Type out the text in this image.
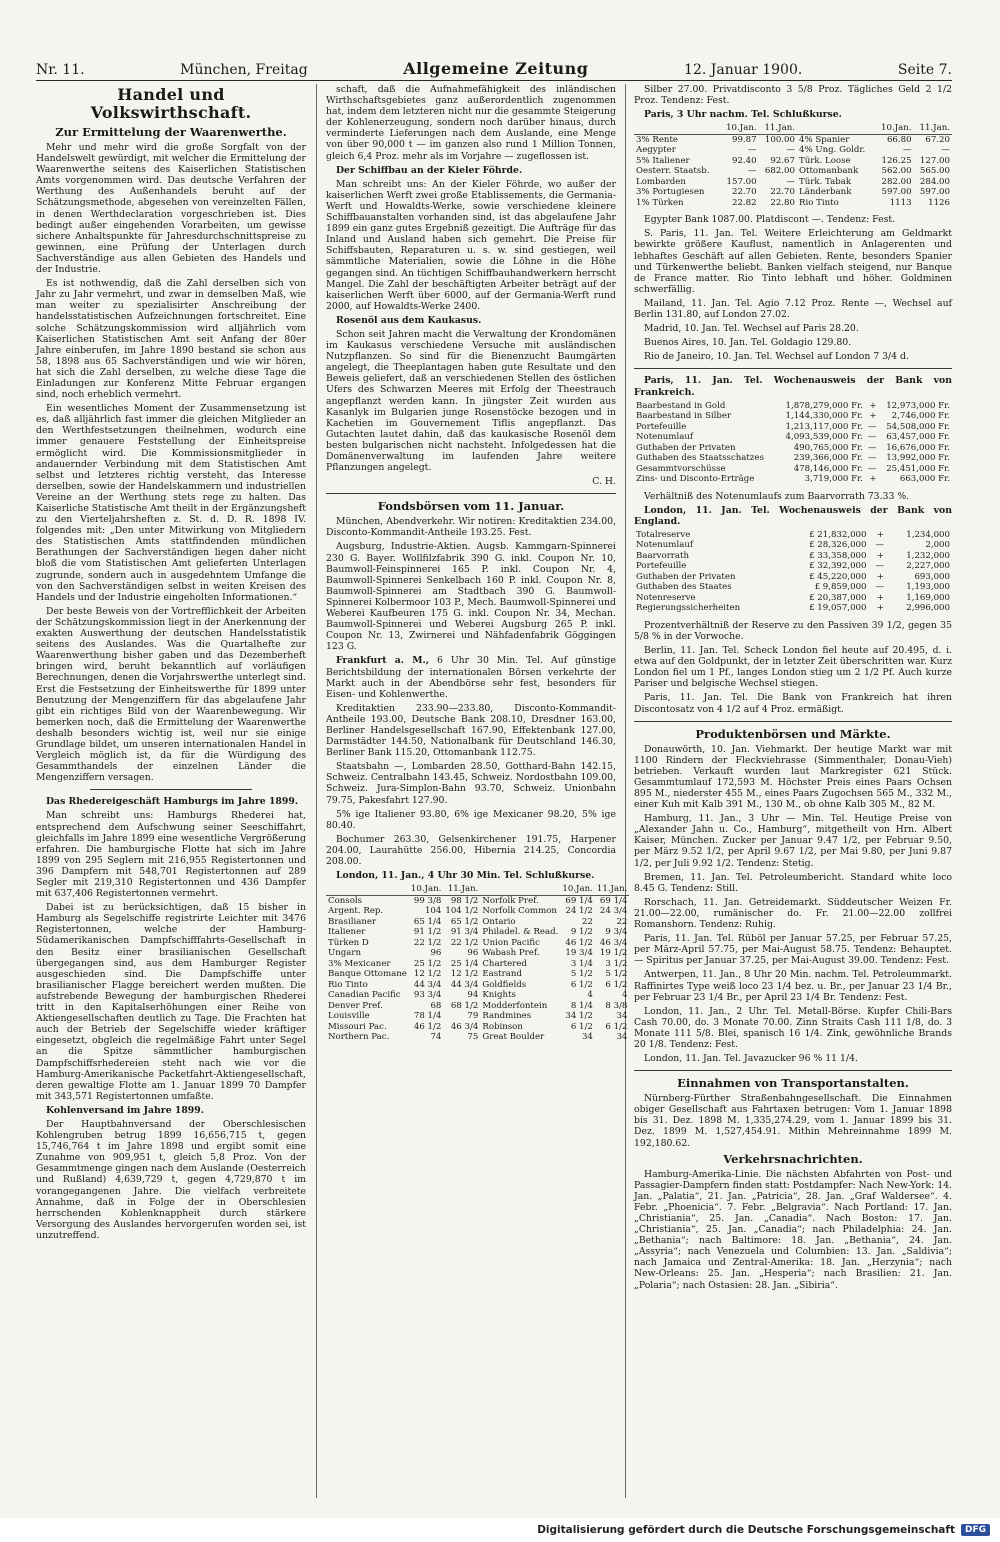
Nr. 11.	München, Freitag	Allgemeine Zeitung	12. Januar 1900.	Seite 7.
Handel und Volkswirthschaft.
Zur Ermittelung der Waarenwerthe.

Mehr und mehr wird die große Sorgfalt von der Handelswelt gewürdigt, mit welcher die Ermittelung der Waarenwerthe seitens des Kaiserlichen Statistischen Amts vorgenommen wird. Das deutsche Verfahren der Werthung des Außenhandels beruht auf der Schätzungsmethode, abgesehen von vereinzelten Fällen, in denen Werthdeclaration vorgeschrieben ist. Dies bedingt außer eingehenden Vorarbeiten, um gewisse sichere Anhaltspunkte für Jahresdurchschnittspreise zu gewinnen, eine Prüfung der Unterlagen durch Sachverständige aus allen Gebieten des Handels und der Industrie.

Es ist nothwendig, daß die Zahl derselben sich von Jahr zu Jahr vermehrt, und zwar in demselben Maß, wie man weiter zu spezialisirter Anschreibung der handelsstatistischen Aufzeichnungen fortschreitet. Eine solche Schätzungskommission wird alljährlich vom Kaiserlichen Statistischen Amt seit Anfang der 80er Jahre einberufen, im Jahre 1890 bestand sie schon aus 58, 1898 aus 65 Sachverständigen und wie wir hören, hat sich die Zahl derselben, zu welche diese Tage die Einladungen zur Konferenz Mitte Februar ergangen sind, noch erheblich vermehrt.

Ein wesentliches Moment der Zusammensetzung ist es, daß alljährlich fast immer die gleichen Mitglieder an den Werthfestsetzungen theilnehmen, wodurch eine immer genauere Feststellung der Einheitspreise ermöglicht wird. Die Kommissionsmitglieder in andauernder Verbindung mit dem Statistischen Amt selbst und letzteres richtig versteht, das Interesse derselben, sowie der Handelskammern und industriellen Vereine an der Werthung stets rege zu halten. Das Kaiserliche Statistische Amt theilt in der Ergänzungsheft zu den Vierteljahrsheften z. St. d. D. R. 1898 IV. folgendes mit: „Den unter Mitwirkung von Mitgliedern des Statistischen Amts stattfindenden mündlichen Berathungen der Sachverständigen liegen daher nicht bloß die vom Statistischen Amt gelieferten Unterlagen zugrunde, sondern auch in ausgedehntem Umfange die von den Sachverständigen selbst in weiten Kreisen des Handels und der Industrie eingeholten Informationen.“

Der beste Beweis von der Vortrefflichkeit der Arbeiten der Schätzungskommission liegt in der Anerkennung der exakten Auswerthung der deutschen Handelsstatistik seitens des Auslandes. Was die Quartalhefte zur Waarenwerthung bisher gaben und das Dezemberheft bringen wird, beruht bekanntlich auf vorläufigen Berechnungen, denen die Vorjahrswerthe unterlegt sind. Erst die Festsetzung der Einheitswerthe für 1899 unter Benutzung der Mengenziffern für das abgelaufene Jahr gibt ein richtiges Bild von der Waarenbewegung. Wir bemerken noch, daß die Ermittelung der Waarenwerthe deshalb besonders wichtig ist, weil nur sie einige Grundlage bildet, um unseren internationalen Handel in Vergleich möglich ist, da für die Würdigung des Gesammthandels der einzelnen Länder die Mengenziffern versagen.

Das Rhedereigeschäft Hamburgs im Jahre 1899.

Man schreibt uns: Hamburgs Rhederei hat, entsprechend dem Aufschwung seiner Seeschiffahrt, gleichfalls im Jahre 1899 eine wesentliche Vergrößerung erfahren. Die hamburgische Flotte hat sich im Jahre 1899 von 295 Seglern mit 216,955 Registertonnen und 396 Dampfern mit 548,701 Registertonnen auf 289 Segler mit 219,310 Registertonnen und 436 Dampfer mit 637,406 Registertonnen vermehrt.

Dabei ist zu berücksichtigen, daß 15 bisher in Hamburg als Segelschiffe registrirte Leichter mit 3476 Registertonnen, welche der Hamburg-Südamerikanischen Dampfschifffahrts-Gesellschaft in den Besitz einer brasilianischen Gesellschaft übergegangen sind, aus dem Hamburger Register ausgeschieden sind. Die Dampfschiffe unter brasilianischer Flagge bereichert werden mußten. Die aufstrebende Bewegung der hamburgischen Rhederei tritt in den Kapitalserhöhungen einer Reihe von Aktiengesellschaften deutlich zu Tage. Die Frachten hat auch der Betrieb der Segelschiffe wieder kräftiger eingesetzt, obgleich die regelmäßige Fahrt unter Segel an die Spitze sämmtlicher hamburgischen Dampfschiffsrhedereien steht nach wie vor die Hamburg-Amerikanische Packetfahrt-Aktiengesellschaft, deren gewaltige Flotte am 1. Januar 1899 70 Dampfer mit 343,571 Registertonnen umfaßte.

Kohlenversand im Jahre 1899.

Der Hauptbahnversand der Oberschlesischen Kohlengruben betrug 1899 16,656,715 t, gegen 15,746,764 t im Jahre 1898 und ergibt somit eine Zunahme von 909,951 t, gleich 5,8 Proz. Von der Gesammtmenge gingen nach dem Auslande (Oesterreich und Rußland) 4,639,729 t, gegen 4,729,870 t im vorangegangenen Jahre. Die vielfach verbreitete Annahme, daß in Folge der in Oberschlesien herrschenden Kohlenknappheit durch stärkere Versorgung des Auslandes hervorgerufen worden sei, ist unzutreffend.

schaft, daß die Aufnahmefähigkeit des inländischen Wirthschaftsgebietes ganz außerordentlich zugenommen hat, indem dem letzteren nicht nur die gesammte Steigerung der Kohlenerzeugung, sondern noch darüber hinaus, durch verminderte Lieferungen nach dem Auslande, eine Menge von über 90,000 t — im ganzen also rund 1 Million Tonnen, gleich 6,4 Proz. mehr als im Vorjahre — zugeflossen ist.

Der Schiffbau an der Kieler Föhrde.

Man schreibt uns: An der Kieler Föhrde, wo außer der kaiserlichen Werft zwei große Etablissements, die Germania-Werft und Howaldts-Werke, sowie verschiedene kleinere Schiffbauanstalten vorhanden sind, ist das abgelaufene Jahr 1899 ein ganz gutes Ergebniß gezeitigt. Die Aufträge für das Inland und Ausland haben sich gemehrt. Die Preise für Schiffsbauten, Reparaturen u. s. w. sind gestiegen, weil sämmtliche Materialien, sowie die Löhne in die Höhe gegangen sind. An tüchtigen Schiffbauhandwerkern herrscht Mangel. Die Zahl der beschäftigten Arbeiter beträgt auf der kaiserlichen Werft über 6000, auf der Germania-Werft rund 2000, auf Howaldts-Werke 2400.

Rosenöl aus dem Kaukasus.

Schon seit Jahren macht die Verwaltung der Krondomänen im Kaukasus verschiedene Versuche mit ausländischen Nutzpflanzen. So sind für die Bienenzucht Baumgärten angelegt, die Theeplantagen haben gute Resultate und den Beweis geliefert, daß an verschiedenen Stellen des östlichen Ufers des Schwarzen Meeres mit Erfolg der Theestrauch angepflanzt werden kann. In jüngster Zeit wurden aus Kasanlyk im Bulgarien junge Rosenstöcke bezogen und in Kachetien im Gouvernement Tiflis angepflanzt. Das Gutachten lautet dahin, daß das kaukasische Rosenöl dem besten bulgarischen nicht nachsteht. Infolgedessen hat die Domänenverwaltung im laufenden Jahre weitere Pflanzungen angelegt.

C. H.

Fondsbörsen vom 11. Januar.

München, Abendverkehr. Wir notiren: Kreditaktien 234.00, Disconto-Kommandit-Antheile 193.25. Fest.

Augsburg, Industrie-Aktien. Augsb. Kammgarn-Spinnerei 230 G. Bayer. Wollfilzfabrik 390 G. inkl. Coupon Nr. 10, Baumwoll-Feinspinnerei 165 P. inkl. Coupon Nr. 4, Baumwoll-Spinnerei Senkelbach 160 P. inkl. Coupon Nr. 8, Baumwoll-Spinnerei am Stadtbach 390 G. Baumwoll-Spinnerei Kolbermoor 103 P., Mech. Baumwoll-Spinnerei und Weberei Kaufbeuren 175 G. inkl. Coupon Nr. 34, Mechan. Baumwoll-Spinnerei und Weberei Augsburg 265 P. inkl. Coupon Nr. 13, Zwirnerei und Nähfadenfabrik Göggingen 123 G.

Frankfurt a. M., 6 Uhr 30 Min. Tel. Auf günstige Berichtsbildung der internationalen Börsen verkehrte der Markt auch in der Abendbörse sehr fest, besonders für Eisen- und Kohlenwerthe.

Kreditaktien 233.90—233.80, Disconto-Kommandit-Antheile 193.00, Deutsche Bank 208.10, Dresdner 163.00, Berliner Handelsgesellschaft 167.90, Effektenbank 127.00, Darmstädter 144.50, Nationalbank für Deutschland 146.30, Berliner Bank 115.20, Ottomanbank 112.75.

Staatsbahn —, Lombarden 28.50, Gotthard-Bahn 142.15, Schweiz. Centralbahn 143.45, Schweiz. Nordostbahn 109.00, Schweiz. Jura-Simplon-Bahn 93.70, Schweiz. Unionbahn 79.75, Pakesfahrt 127.90.

5% ige Italiener 93.80, 6% ige Mexicaner 98.20, 5% ige 80.40.

Bochumer 263.30, Gelsenkirchener 191.75, Harpener 204.00, Laurahütte 256.00, Hibernia 214.25, Concordia 208.00.

London, 11. Jan., 4 Uhr 30 Min. Tel. Schlußkurse.

	10.Jan.	11.Jan.		10.Jan.	11.Jan.
Consols	99 3/8	98 1/2	Norfolk Pref.	69 1/4	69 1/4
Argent. Rep.	104	104 1/2	Norfolk Common	24 1/2	24 3/4
Brasilianer	65 1/4	65 1/2	Ontario	22	22
Italiener	91 1/2	91 3/4	Philadel. & Read.	9 1/2	9 3/4
Türken D	22 1/2	22 1/2	Union Pacific	46 1/2	46 3/4
Ungarn	96	96	Wabash Pref.	19 3/4	19 1/2
3% Mexicaner	25 1/2	25 1/4	Chartered	3 1/4	3 1/2
Banque Ottomane	12 1/2	12 1/2	Eastrand	5 1/2	5 1/2
Rio Tinto	44 3/4	44 3/4	Goldfields	6 1/2	6 1/2
Canadian Pacific	93 3/4	94	Knights	4	4
Denver Pref.	68	68 1/2	Modderfontein	8 1/4	8 3/8
Louisville	78 1/4	79	Randmines	34 1/2	34
Missouri Pac.	46 1/2	46 3/4	Robinson	6 1/2	6 1/2
Northern Pac.	74	75	Great Boulder	34	34

Silber 27.00. Privatdisconto 3 5/8 Proz. Tägliches Geld 2 1/2 Proz. Tendenz: Fest.

Paris, 3 Uhr nachm. Tel. Schlußkurse.

	10.Jan.	11.Jan.		10.Jan.	11.Jan.
3% Rente	99.87	100.00	4% Spanier	66.80	67.20
Aegypter	—	—	4% Ung. Goldr.	—	—
5% Italiener	92.40	92.67	Türk. Loose	126.25	127.00
Oesterr. Staatsb.	—	682.00	Ottomanbank	562.00	565.00
Lombarden	157.00	—	Türk. Tabak	282.00	284.00
3% Portugiesen	22.70	22.70	Länderbank	597.00	597.00
1% Türken	22.82	22.80	Rio Tinto	1113	1126

Egypter Bank 1087.00. Platdiscont —. Tendenz: Fest.

S. Paris, 11. Jan. Tel. Weitere Erleichterung am Geldmarkt bewirkte größere Kauflust, namentlich in Anlagerenten und lebhaftes Geschäft auf allen Gebieten. Rente, besonders Spanier und Türkenwerthe beliebt. Banken vielfach steigend, nur Banque de France matter. Rio Tinto lebhaft und höher. Goldminen schwerfällig.

Mailand, 11. Jan. Tel. Agio 7.12 Proz. Rente —, Wechsel auf Berlin 131.80, auf London 27.02.

Madrid, 10. Jan. Tel. Wechsel auf Paris 28.20.

Buenos Aires, 10. Jan. Tel. Goldagio 129.80.

Rio de Janeiro, 10. Jan. Tel. Wechsel auf London 7 3/4 d.

Paris, 11. Jan. Tel. Wochenausweis der Bank von Frankreich.

Baarbestand in Gold	1,878,279,000 Fr.	+	12,973,000 Fr.
Baarbestand in Silber	1,144,330,000 Fr.	+	2,746,000 Fr.
Portefeuille	1,213,117,000 Fr.	—	54,508,000 Fr.
Notenumlauf	4,093,539,000 Fr.	—	63,457,000 Fr.
Guthaben der Privaten	490,765,000 Fr.	—	16,676,000 Fr.
Guthaben des Staatsschatzes	239,366,000 Fr.	—	13,992,000 Fr.
Gesammtvorschüsse	478,146,000 Fr.	—	25,451,000 Fr.
Zins- und Disconto-Erträge	3,719,000 Fr.	+	663,000 Fr.

Verhältniß des Notenumlaufs zum Baarvorrath 73.33 %.

London, 11. Jan. Tel. Wochenausweis der Bank von England.

Totalreserve	£ 21,832,000	+	1,234,000
Notenumlauf	£ 28,326,000	—	2,000
Baarvorrath	£ 33,358,000	+	1,232,000
Portefeuille	£ 32,392,000	—	2,227,000
Guthaben der Privaten	£ 45,220,000	+	693,000
Guthaben des Staates	£ 9,859,000	—	1,193,000
Notenreserve	£ 20,387,000	+	1,169,000
Regierungssicherheiten	£ 19,057,000	+	2,996,000

Prozentverhältniß der Reserve zu den Passiven 39 1/2, gegen 35 5/8 % in der Vorwoche.

Berlin, 11. Jan. Tel. Scheck London fiel heute auf 20.495, d. i. etwa auf den Goldpunkt, der in letzter Zeit überschritten war. Kurz London fiel um 1 Pf., langes London stieg um 2 1/2 Pf. Auch kurze Pariser und belgische Wechsel stiegen.

Paris, 11. Jan. Tel. Die Bank von Frankreich hat ihren Discontosatz von 4 1/2 auf 4 Proz. ermäßigt.

Produktenbörsen und Märkte.

Donauwörth, 10. Jan. Viehmarkt. Der heutige Markt war mit 1100 Rindern der Fleckviehrasse (Simmenthaler, Donau-Vieh) betrieben. Verkauft wurden laut Markregister 621 Stück. Gesammtumlauf 172,593 M. Höchster Preis eines Paars Ochsen 895 M., niederster 455 M., eines Paars Zugochsen 565 M., 332 M., einer Kuh mit Kalb 391 M., 130 M., ob ohne Kalb 305 M., 82 M.

Hamburg, 11. Jan., 3 Uhr — Min. Tel. Heutige Preise von „Alexander Jahn u. Co., Hamburg“, mitgetheilt von Hrn. Albert Kaiser, München. Zucker per Januar 9.47 1/2, per Februar 9.50, per März 9.52 1/2, per April 9.67 1/2, per Mai 9.80, per Juni 9.87 1/2, per Juli 9.92 1/2. Tendenz: Stetig.

Bremen, 11. Jan. Tel. Petroleumbericht. Standard white loco 8.45 G. Tendenz: Still.

Rorschach, 11. Jan. Getreidemarkt. Süddeutscher Weizen Fr. 21.00—22.00, rumänischer do. Fr. 21.00—22.00 zollfrei Romanshorn. Tendenz: Ruhig.

Paris, 11. Jan. Tel. Rüböl per Januar 57.25, per Februar 57.25, per März-April 57.75, per Mai-August 58.75. Tendenz: Behauptet. — Spiritus per Januar 37.25, per Mai-August 39.00. Tendenz: Fest.

Antwerpen, 11. Jan., 8 Uhr 20 Min. nachm. Tel. Petroleummarkt. Raffinirtes Type weiß loco 23 1/4 bez. u. Br., per Januar 23 1/4 Br., per Februar 23 1/4 Br., per April 23 1/4 Br. Tendenz: Fest.

London, 11. Jan., 2 Uhr. Tel. Metall-Börse. Kupfer Chili-Bars Cash 70.00, do. 3 Monate 70.00. Zinn Straits Cash 111 1/8, do. 3 Monate 111 5/8. Blei, spanisch 16 1/4. Zink, gewöhnliche Brands 20 1/8. Tendenz: Fest.

London, 11. Jan. Tel. Javazucker 96 % 11 1/4.

Einnahmen von Transportanstalten.

Nürnberg-Fürther Straßenbahngesellschaft. Die Einnahmen obiger Gesellschaft aus Fahrtaxen betrugen: Vom 1. Januar 1898 bis 31. Dez. 1898 M. 1,335,274.29, vom 1. Januar 1899 bis 31. Dez. 1899 M. 1,527,454.91. Mithin Mehreinnahme 1899 M. 192,180.62.

Verkehrsnachrichten.

Hamburg-Amerika-Linie. Die nächsten Abfahrten von Post- und Passagier-Dampfern finden statt: Postdampfer: Nach New-York: 14. Jan. „Palatia“, 21. Jan. „Patricia“, 28. Jan. „Graf Waldersee“. 4. Febr. „Phoenicia“. 7. Febr. „Belgravia“. Nach Portland: 17. Jan. „Christiania“, 25. Jan. „Canadia“. Nach Boston: 17. Jan. „Christiania“, 25. Jan. „Canadia“; nach Philadelphia: 24. Jan. „Bethania“; nach Baltimore: 18. Jan. „Bethania“, 24. Jan. „Assyria“; nach Venezuela und Columbien: 13. Jan. „Saldivia“; nach Jamaica und Zentral-Amerika: 18. Jan. „Herzynia“; nach New-Orleans: 25. Jan. „Hesperia“; nach Brasilien: 21. Jan. „Polaria“; nach Ostasien: 28. Jan. „Sibiria“.

Digitalisierung gefördert durch die Deutsche Forschungsgemeinschaft	DFG
